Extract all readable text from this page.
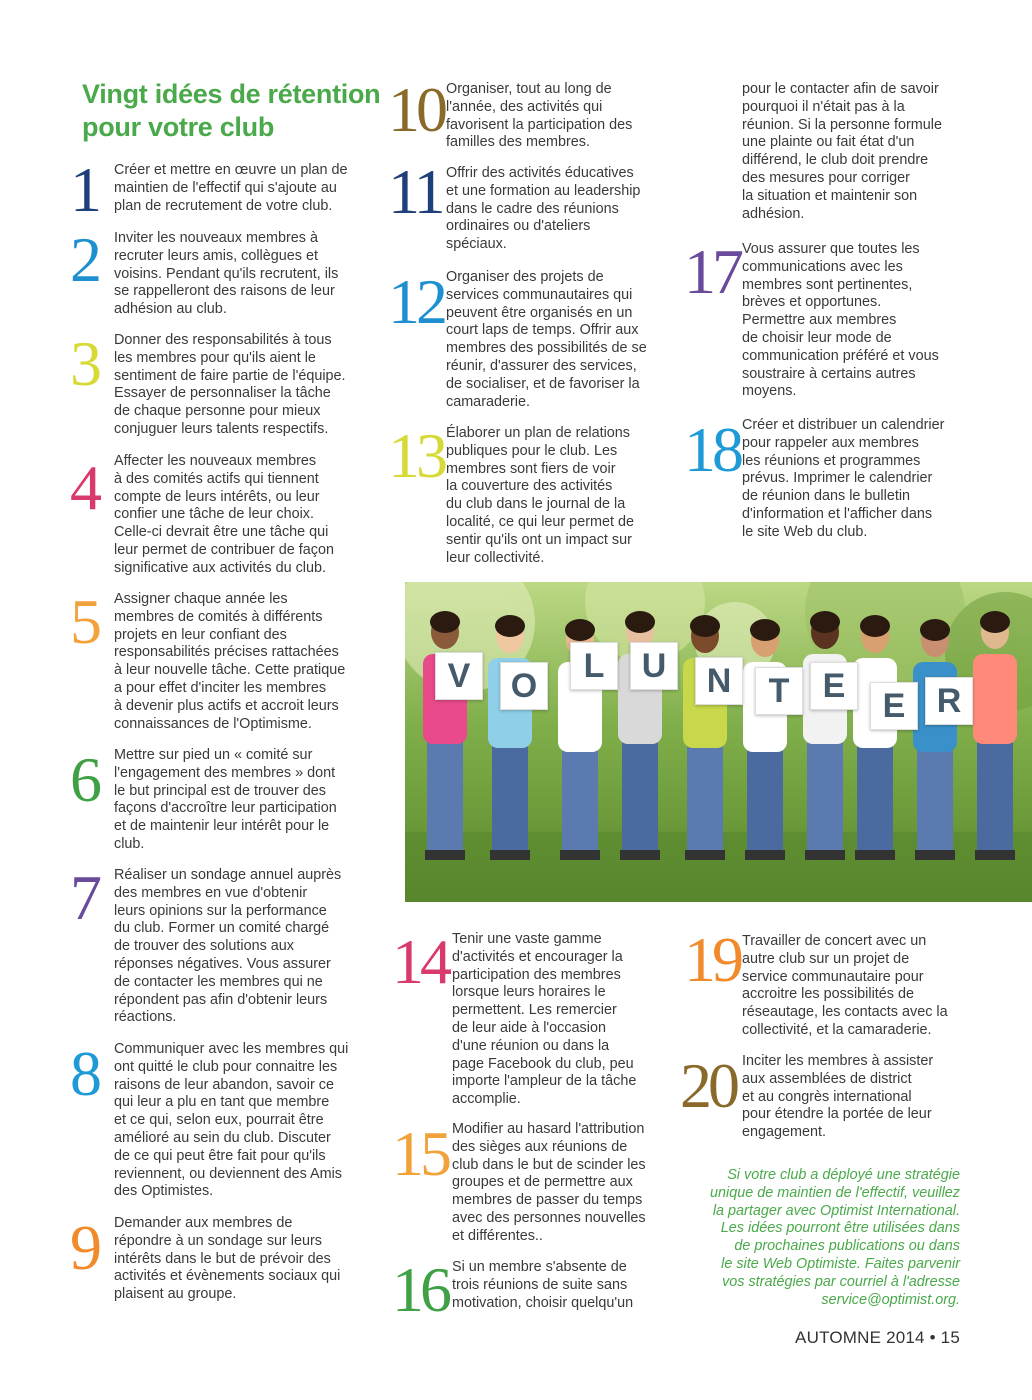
Vingt idées de rétention
pour votre club
1 Créer et mettre en œuvre un plan de
maintien de l'effectif qui s'ajoute au
plan de recrutement de votre club.
2 Inviter les nouveaux membres à
recruter leurs amis, collègues et
voisins. Pendant qu'ils recrutent, ils
se rappelleront des raisons de leur
adhésion au club.
3 Donner des responsabilités à tous
les membres pour qu'ils aient le
sentiment de faire partie de l'équipe.
Essayer de personnaliser la tâche
de chaque personne pour mieux
conjuguer leurs talents respectifs.
4 Affecter les nouveaux membres
à des comités actifs qui tiennent
compte de leurs intérêts, ou leur
confier une tâche de leur choix.
Celle-ci devrait être une tâche qui
leur permet de contribuer de façon
significative aux activités du club.
5 Assigner chaque année les
membres de comités à différents
projets en leur confiant des
responsabilités précises rattachées
à leur nouvelle tâche. Cette pratique
a pour effet d'inciter les membres
à devenir plus actifs et accroit leurs
connaissances de l'Optimisme.
6 Mettre sur pied un « comité sur
l'engagement des membres » dont
le but principal est de trouver des
façons d'accroître leur participation
et de maintenir leur intérêt pour le
club.
7 Réaliser un sondage annuel auprès
des membres en vue d'obtenir
leurs opinions sur la performance
du club. Former un comité chargé
de trouver des solutions aux
réponses négatives. Vous assurer
de contacter les membres qui ne
répondent pas afin d'obtenir leurs
réactions.
8 Communiquer avec les membres qui
ont quitté le club pour connaitre les
raisons de leur abandon, savoir ce
qui leur a plu en tant que membre
et ce qui, selon eux, pourrait être
amélioré au sein du club. Discuter
de ce qui peut être fait pour qu'ils
reviennent, ou deviennent des Amis
des Optimistes.
9 Demander aux membres de
répondre à un sondage sur leurs
intérêts dans le but de prévoir des
activités et évènements sociaux qui
plaisent au groupe.
10 Organiser, tout au long de
l'année, des activités qui
favorisent la participation des
familles des membres.
11 Offrir des activités éducatives
et une formation au leadership
dans le cadre des réunions
ordinaires ou d'ateliers
spéciaux.
12 Organiser des projets de
services communautaires qui
peuvent être organisés en un
court laps de temps. Offrir aux
membres des possibilités de se
réunir, d'assurer des services,
de socialiser, et de favoriser la
camaraderie.
13 Élaborer un plan de relations
publiques pour le club. Les
membres sont fiers de voir
la couverture des activités
du club dans le journal de la
localité, ce qui leur permet de
sentir qu'ils ont un impact sur
leur collectivité.
pour le contacter afin de savoir
pourquoi il n'était pas à la
réunion. Si la personne formule
une plainte ou fait état d'un
différend, le club doit prendre
des mesures pour corriger
la situation et maintenir son
adhésion.
17 Vous assurer que toutes les
communications avec les
membres sont pertinentes,
brèves et opportunes.
Permettre aux membres
de choisir leur mode de
communication préféré et vous
soustraire à certains autres
moyens.
18 Créer et distribuer un calendrier
pour rappeler aux membres
les réunions et programmes
prévus. Imprimer le calendrier
de réunion dans le bulletin
d'information et l'afficher dans
le site Web du club.
V	O
L	U	N	T E
E R
14 Tenir une vaste gamme
d'activités et encourager la
participation des membres
lorsque leurs horaires le
permettent. Les remercier
de leur aide à l'occasion
d'une réunion ou dans la
page Facebook du club, peu
importe l'ampleur de la tâche
accomplie.
15 Modifier au hasard l'attribution
des sièges aux réunions de
club dans le but de scinder les
groupes et de permettre aux
membres de passer du temps
avec des personnes nouvelles
et différentes..
16 Si un membre s'absente de
trois réunions de suite sans
motivation, choisir quelqu'un
19 Travailler de concert avec un
autre club sur un projet de
service communautaire pour
accroitre les possibilités de
réseautage, les contacts avec la
collectivité, et la camaraderie.
20 Inciter les membres à assister
aux assemblées de district
et au congrès international
pour étendre la portée de leur
engagement.
Si votre club a déployé une stratégie
unique de maintien de l'effectif, veuillez
la partager avec Optimist International.
Les idées pourront être utilisées dans
de prochaines publications ou dans
le site Web Optimiste. Faites parvenir
vos stratégies par courriel à l'adresse
service@optimist.org.
AUTOMNE 2014 • 15
